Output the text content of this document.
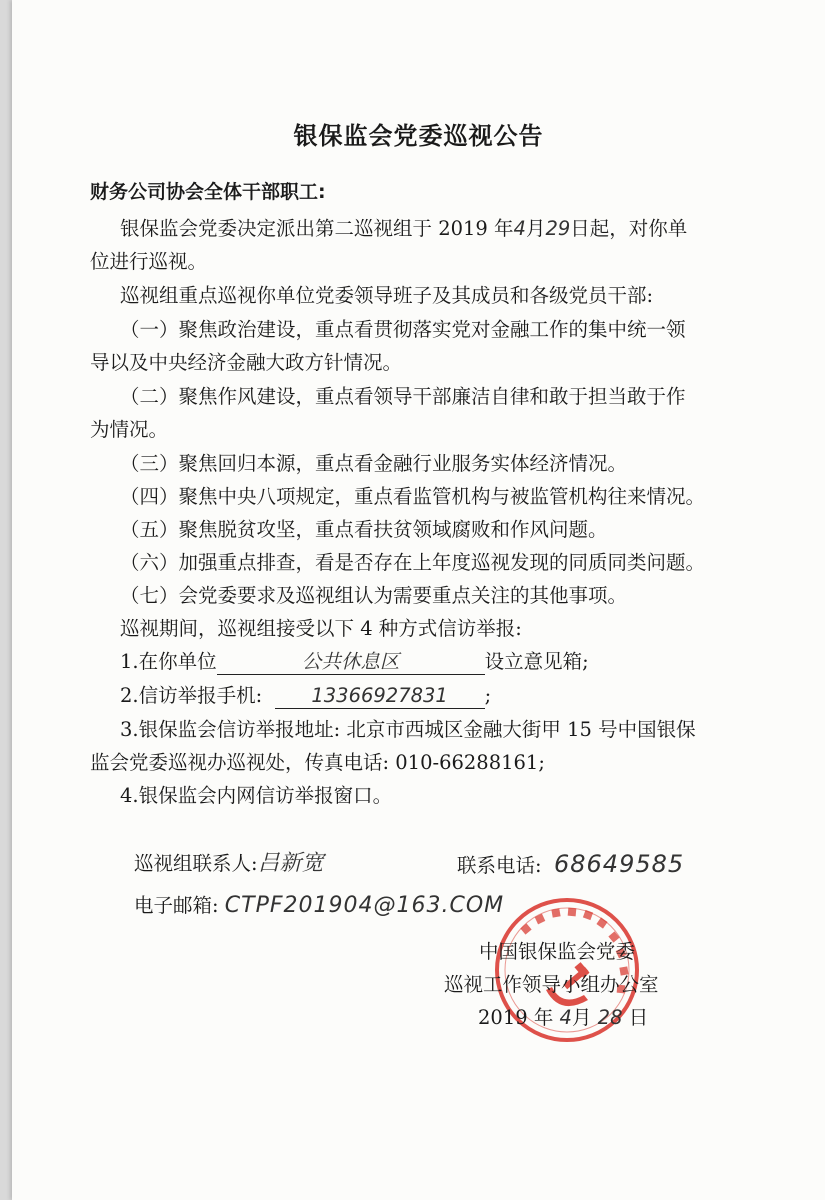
银保监会党委巡视公告
财务公司协会全体干部职工:
银保监会党委决定派出第二巡视组于 2019 年4月29日起，对你单
位进行巡视。
巡视组重点巡视你单位党委领导班子及其成员和各级党员干部:
（一）聚焦政治建设，重点看贯彻落实党对金融工作的集中统一领
导以及中央经济金融大政方针情况。
（二）聚焦作风建设，重点看领导干部廉洁自律和敢于担当敢于作
为情况。
（三）聚焦回归本源，重点看金融行业服务实体经济情况。
（四）聚焦中央八项规定，重点看监管机构与被监管机构往来情况。
（五）聚焦脱贫攻坚，重点看扶贫领域腐败和作风问题。
（六）加强重点排查，看是否存在上年度巡视发现的同质同类问题。
（七）会党委要求及巡视组认为需要重点关注的其他事项。
巡视期间，巡视组接受以下 4 种方式信访举报:
1.在你单位	公共休息区	设立意见箱;
2.信访举报手机:	13366927831 ;
3.银保监会信访举报地址: 北京市西城区金融大街甲 15 号中国银保
监会党委巡视办巡视处，传真电话: 010-66288161;
4.银保监会内网信访举报窗口。
巡视组联系人:吕新宽	联系电话: 68649585
电子邮箱: CTPF201904@163.COM
中国银保监会党委
巡视工作领导小组办公室
2019 年 4月 28 日
